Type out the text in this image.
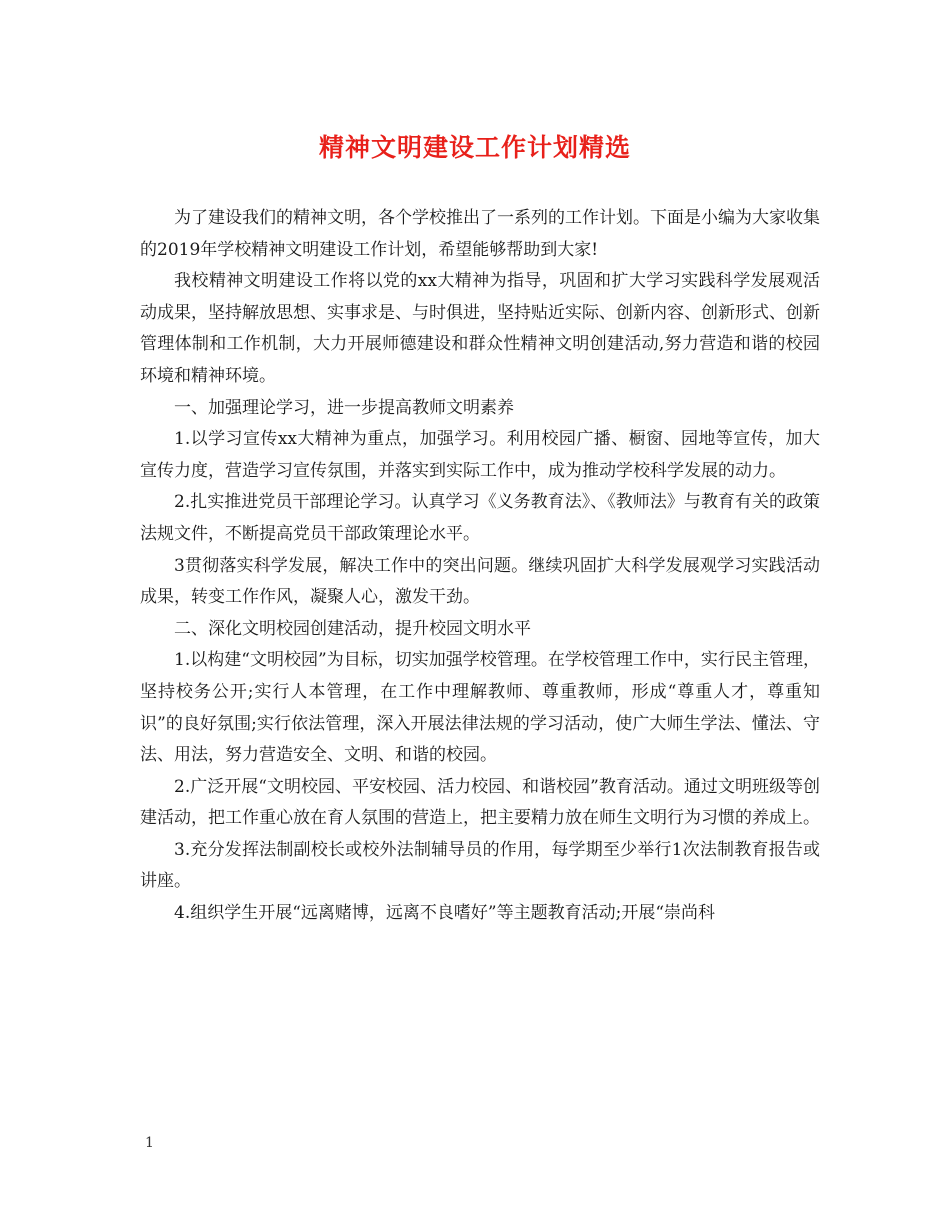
精神文明建设工作计划精选

为了建设我们的精神文明，各个学校推出了一系列的工作计划。下面是小编为大家收集的2019年学校精神文明建设工作计划，希望能够帮助到大家!

我校精神文明建设工作将以党的xx大精神为指导，巩固和扩大学习实践科学发展观活动成果，坚持解放思想、实事求是、与时俱进，坚持贴近实际、创新内容、创新形式、创新管理体制和工作机制，大力开展师德建设和群众性精神文明创建活动,努力营造和谐的校园环境和精神环境。

一、加强理论学习，进一步提高教师文明素养

1.以学习宣传xx大精神为重点，加强学习。利用校园广播、橱窗、园地等宣传，加大宣传力度，营造学习宣传氛围，并落实到实际工作中，成为推动学校科学发展的动力。

2.扎实推进党员干部理论学习。认真学习《义务教育法》、《教师法》与教育有关的政策法规文件，不断提高党员干部政策理论水平。

3贯彻落实科学发展，解决工作中的突出问题。继续巩固扩大科学发展观学习实践活动成果，转变工作作风，凝聚人心，激发干劲。

二、深化文明校园创建活动，提升校园文明水平

1.以构建“文明校园”为目标，切实加强学校管理。在学校管理工作中，实行民主管理，坚持校务公开;实行人本管理，在工作中理解教师、尊重教师，形成“尊重人才，尊重知识”的良好氛围;实行依法管理，深入开展法律法规的学习活动，使广大师生学法、懂法、守法、用法，努力营造安全、文明、和谐的校园。

2.广泛开展“文明校园、平安校园、活力校园、和谐校园”教育活动。通过文明班级等创建活动，把工作重心放在育人氛围的营造上，把主要精力放在师生文明行为习惯的养成上。

3.充分发挥法制副校长或校外法制辅导员的作用，每学期至少举行1次法制教育报告或讲座。

4.组织学生开展“远离赌博，远离不良嗜好”等主题教育活动;开展“崇尚科

1
